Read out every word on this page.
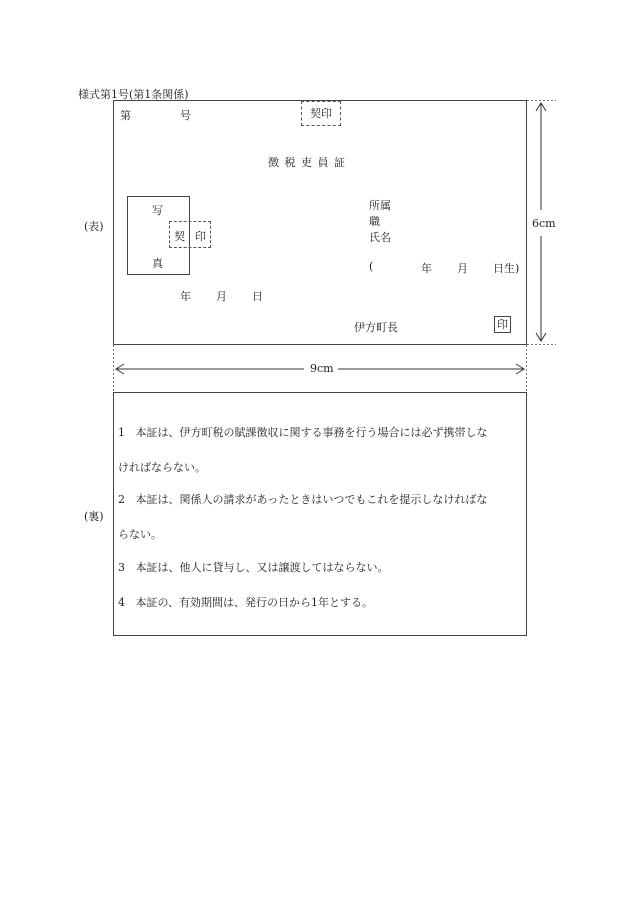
様式第1号(第1条関係)
(表)
第	号	契印
徴 税 吏 員 証
写
真
契 印
所属
職
氏名
(	年 月 日生)
年 月 日
伊方町長	印
6cm
9cm
(裏)
1 本証は、伊方町税の賦課徴収に関する事務を行う場合には必ず携帯しな
ければならない。
2 本証は、関係人の請求があったときはいつでもこれを提示しなければな
らない。
3 本証は、他人に貸与し、又は譲渡してはならない。
4 本証の、有効期間は、発行の日から1年とする。
